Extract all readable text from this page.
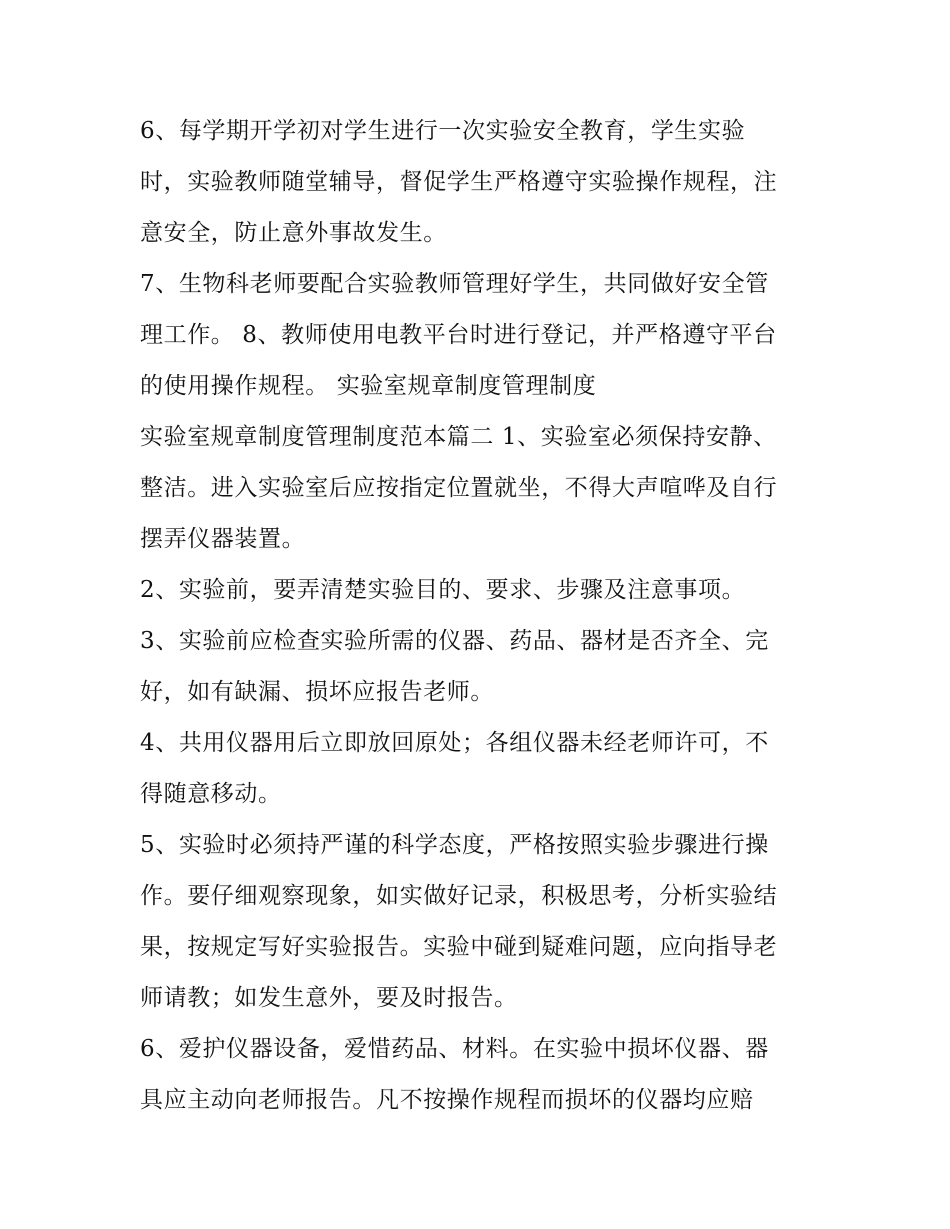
6、每学期开学初对学生进行一次实验安全教育，学生实验
时，实验教师随堂辅导，督促学生严格遵守实验操作规程，注
意安全，防止意外事故发生。
7、生物科老师要配合实验教师管理好学生，共同做好安全管
理工作。 8、教师使用电教平台时进行登记，并严格遵守平台
的使用操作规程。 实验室规章制度管理制度
实验室规章制度管理制度范本篇二 1、实验室必须保持安静、
整洁。进入实验室后应按指定位置就坐，不得大声喧哗及自行
摆弄仪器装置。
2、实验前，要弄清楚实验目的、要求、步骤及注意事项。
3、实验前应检查实验所需的仪器、药品、器材是否齐全、完
好，如有缺漏、损坏应报告老师。
4、共用仪器用后立即放回原处；各组仪器未经老师许可，不
得随意移动。
5、实验时必须持严谨的科学态度，严格按照实验步骤进行操
作。要仔细观察现象，如实做好记录，积极思考，分析实验结
果，按规定写好实验报告。实验中碰到疑难问题，应向指导老
师请教；如发生意外，要及时报告。
6、爱护仪器设备，爱惜药品、材料。在实验中损坏仪器、器
具应主动向老师报告。凡不按操作规程而损坏的仪器均应赔
